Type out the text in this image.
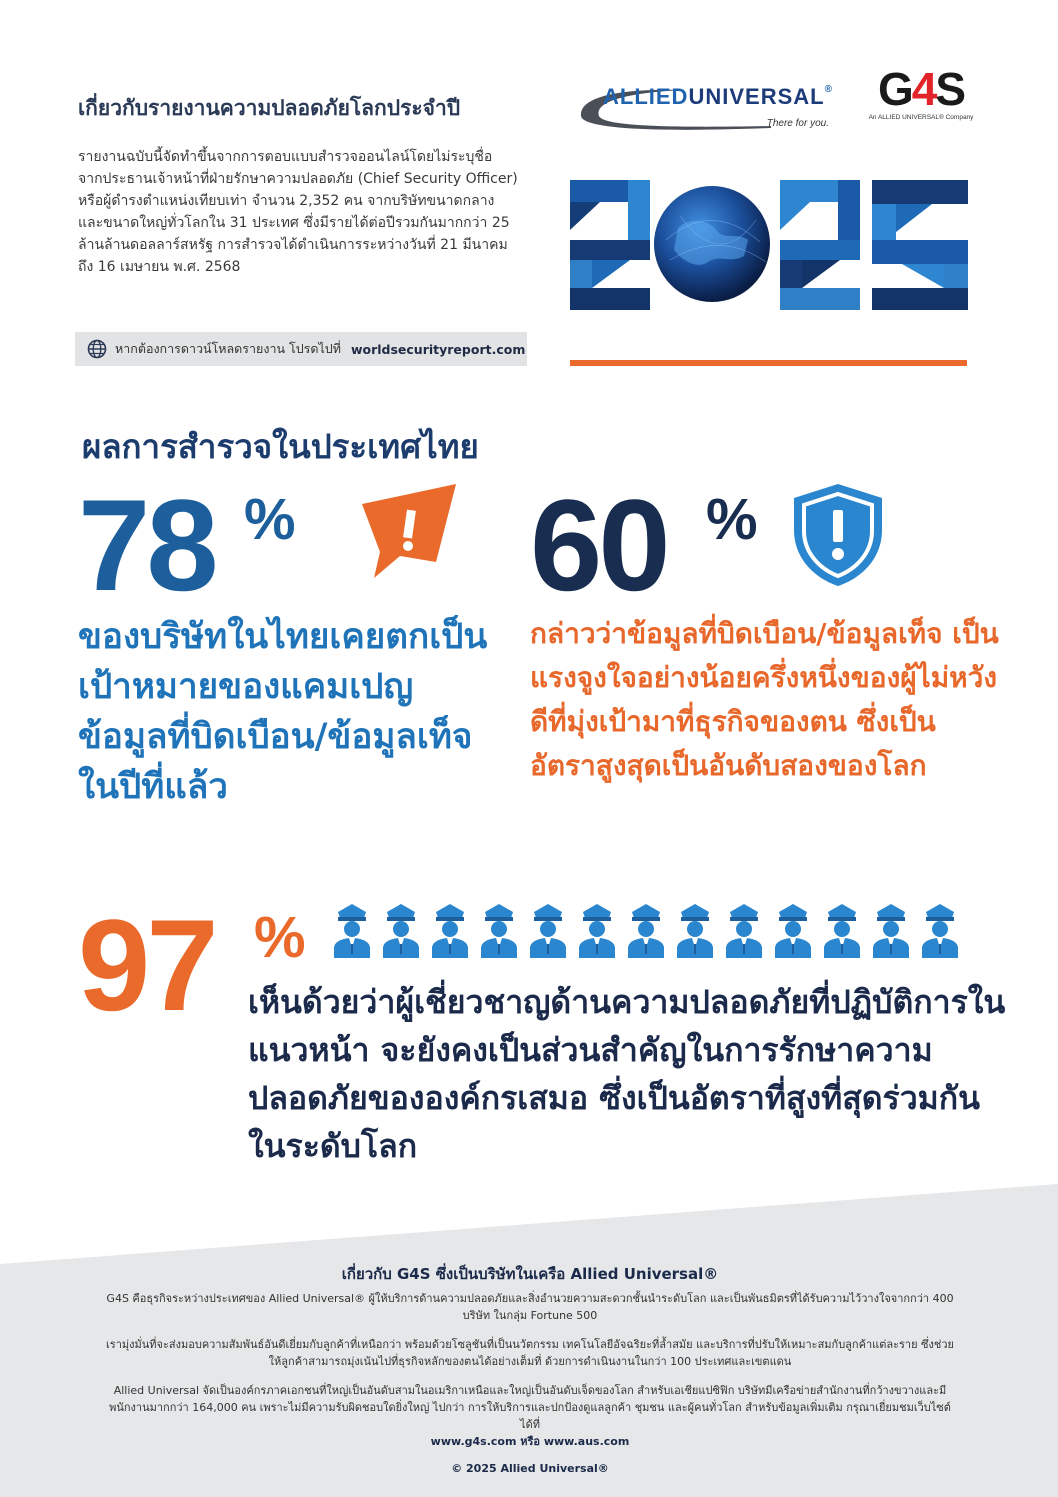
เกี่ยวกับรายงานความปลอดภัยโลกประจำปี
รายงานฉบับนี้จัดทำขึ้นจากการตอบแบบสำรวจออนไลน์โดยไม่ระบุชื่อ จากประธานเจ้าหน้าที่ฝ่ายรักษาความปลอดภัย (Chief Security Officer) หรือผู้ดำรงตำแหน่งเทียบเท่า จำนวน 2,352 คน จากบริษัทขนาดกลางและขนาดใหญ่ทั่วโลกใน 31 ประเทศ ซึ่งมีรายได้ต่อปีรวมกันมากกว่า 25 ล้านล้านดอลลาร์สหรัฐ การสำรวจได้ดำเนินการระหว่างวันที่ 21 มีนาคม ถึง 16 เมษายน พ.ศ. 2568
หากต้องการดาวน์โหลดรายงาน โปรดไปที่ worldsecurityreport.com
ALLIEDUNIVERSAL®
There for you.
G4S
An ALLIED UNIVERSAL® Company
ผลการสำรวจในประเทศไทย
78 %
ของบริษัทในไทยเคยตกเป็นเป้าหมายของแคมเปญข้อมูลที่บิดเบือน/ข้อมูลเท็จในปีที่แล้ว
60 %
กล่าวว่าข้อมูลที่บิดเบือน/ข้อมูลเท็จ เป็นแรงจูงใจอย่างน้อยครึ่งหนึ่งของผู้ไม่หวังดีที่มุ่งเป้ามาที่ธุรกิจของตน ซึ่งเป็นอัตราสูงสุดเป็นอันดับสองของโลก
97 %
เห็นด้วยว่าผู้เชี่ยวชาญด้านความปลอดภัยที่ปฏิบัติการในแนวหน้า จะยังคงเป็นส่วนสำคัญในการรักษาความปลอดภัยขององค์กรเสมอ ซึ่งเป็นอัตราที่สูงที่สุดร่วมกันในระดับโลก
เกี่ยวกับ G4S ซึ่งเป็นบริษัทในเครือ Allied Universal®

G4S คือธุรกิจระหว่างประเทศของ Allied Universal® ผู้ให้บริการด้านความปลอดภัยและสิ่งอำนวยความสะดวกชั้นนำระดับโลก และเป็นพันธมิตรที่ได้รับความไว้วางใจจากกว่า 400 บริษัท ในกลุ่ม Fortune 500

เรามุ่งมั่นที่จะส่งมอบความสัมพันธ์อันดีเยี่ยมกับลูกค้าที่เหนือกว่า พร้อมด้วยโซลูชันที่เป็นนวัตกรรม เทคโนโลยีอัจฉริยะที่ล้ำสมัย และบริการที่ปรับให้เหมาะสมกับลูกค้าแต่ละราย ซึ่งช่วยให้ลูกค้าสามารถมุ่งเน้นไปที่ธุรกิจหลักของตนได้อย่างเต็มที่ ด้วยการดำเนินงานในกว่า 100 ประเทศและเขตแดน

Allied Universal จัดเป็นองค์กรภาคเอกชนที่ใหญ่เป็นอันดับสามในอเมริกาเหนือและใหญ่เป็นอันดับเจ็ดของโลก สำหรับเอเชียแปซิฟิก บริษัทมีเครือข่ายสำนักงานที่กว้างขวางและมีพนักงานมากกว่า 164,000 คน เพราะไม่มีความรับผิดชอบใดยิ่งใหญ่ ไปกว่า การให้บริการและปกป้องดูแลลูกค้า ชุมชน และผู้คนทั่วโลก สำหรับข้อมูลเพิ่มเติม กรุณาเยี่ยมชมเว็บไซต์ได้ที่

www.g4s.com หรือ www.aus.com

© 2025 Allied Universal®
